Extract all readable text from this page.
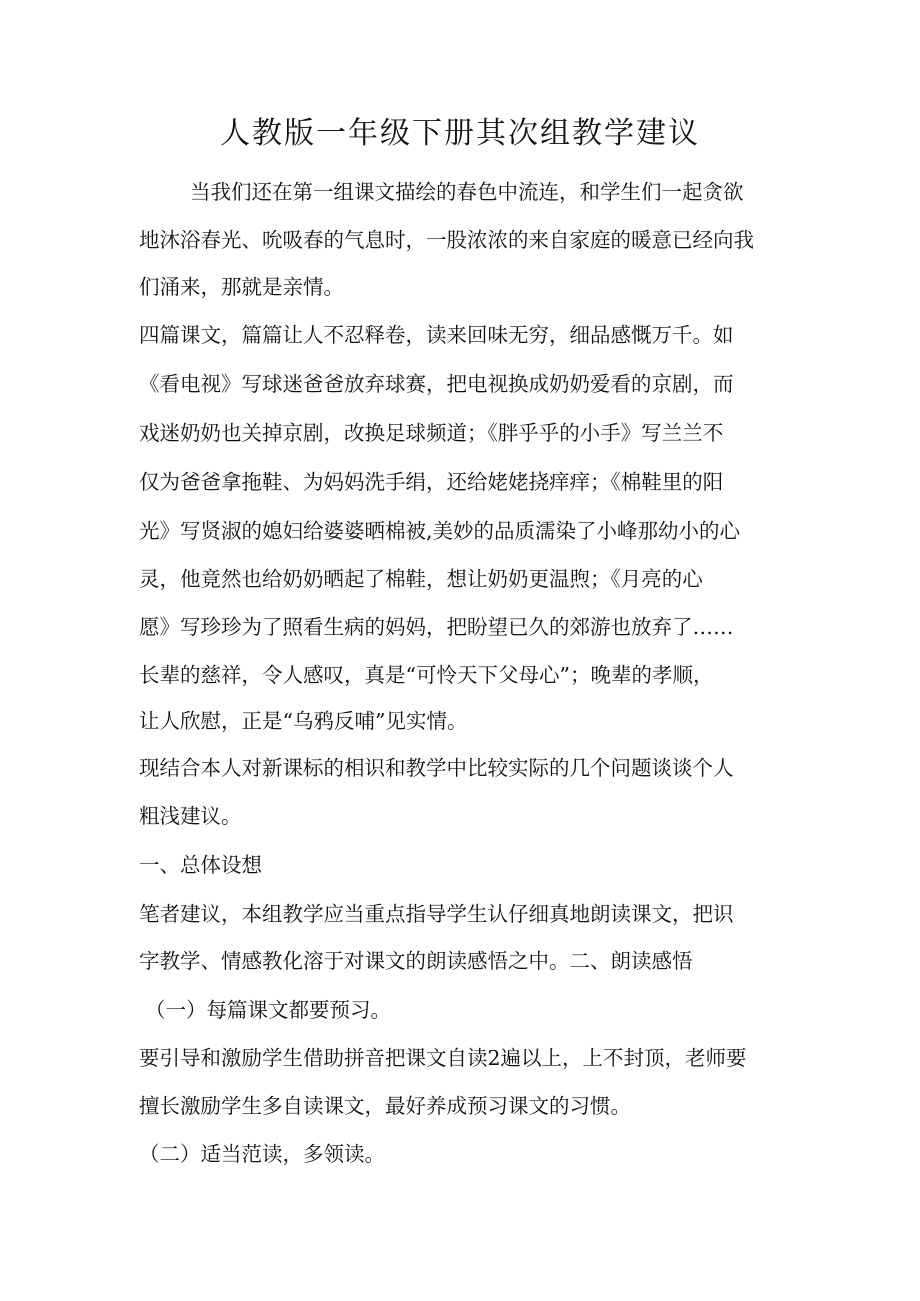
人教版一年级下册其次组教学建议

当我们还在第一组课文描绘的春色中流连，和学生们一起贪欲

地沐浴春光、吮吸春的气息时，一股浓浓的来自家庭的暖意已经向我

们涌来，那就是亲情。

四篇课文，篇篇让人不忍释卷，读来回味无穷，细品感慨万千。如

《看电视》写球迷爸爸放弃球赛，把电视换成奶奶爱看的京剧，而

戏迷奶奶也关掉京剧，改换足球频道；《胖乎乎的小手》写兰兰不

仅为爸爸拿拖鞋、为妈妈洗手绢，还给姥姥挠痒痒；《棉鞋里的阳

光》写贤淑的媳妇给婆婆晒棉被,美妙的品质濡染了小峰那幼小的心

灵，他竟然也给奶奶晒起了棉鞋，想让奶奶更温煦；《月亮的心

愿》写珍珍为了照看生病的妈妈，把盼望已久的郊游也放弃了……

长辈的慈祥，令人感叹，真是“可怜天下父母心”；晚辈的孝顺，

让人欣慰，正是“乌鸦反哺”见实情。

现结合本人对新课标的相识和教学中比较实际的几个问题谈谈个人

粗浅建议。

一、总体设想

笔者建议，本组教学应当重点指导学生认仔细真地朗读课文，把识

字教学、情感教化溶于对课文的朗读感悟之中。二、朗读感悟

（一）每篇课文都要预习。

要引导和激励学生借助拼音把课文自读2遍以上，上不封顶，老师要

擅长激励学生多自读课文，最好养成预习课文的习惯。

（二）适当范读，多领读。
